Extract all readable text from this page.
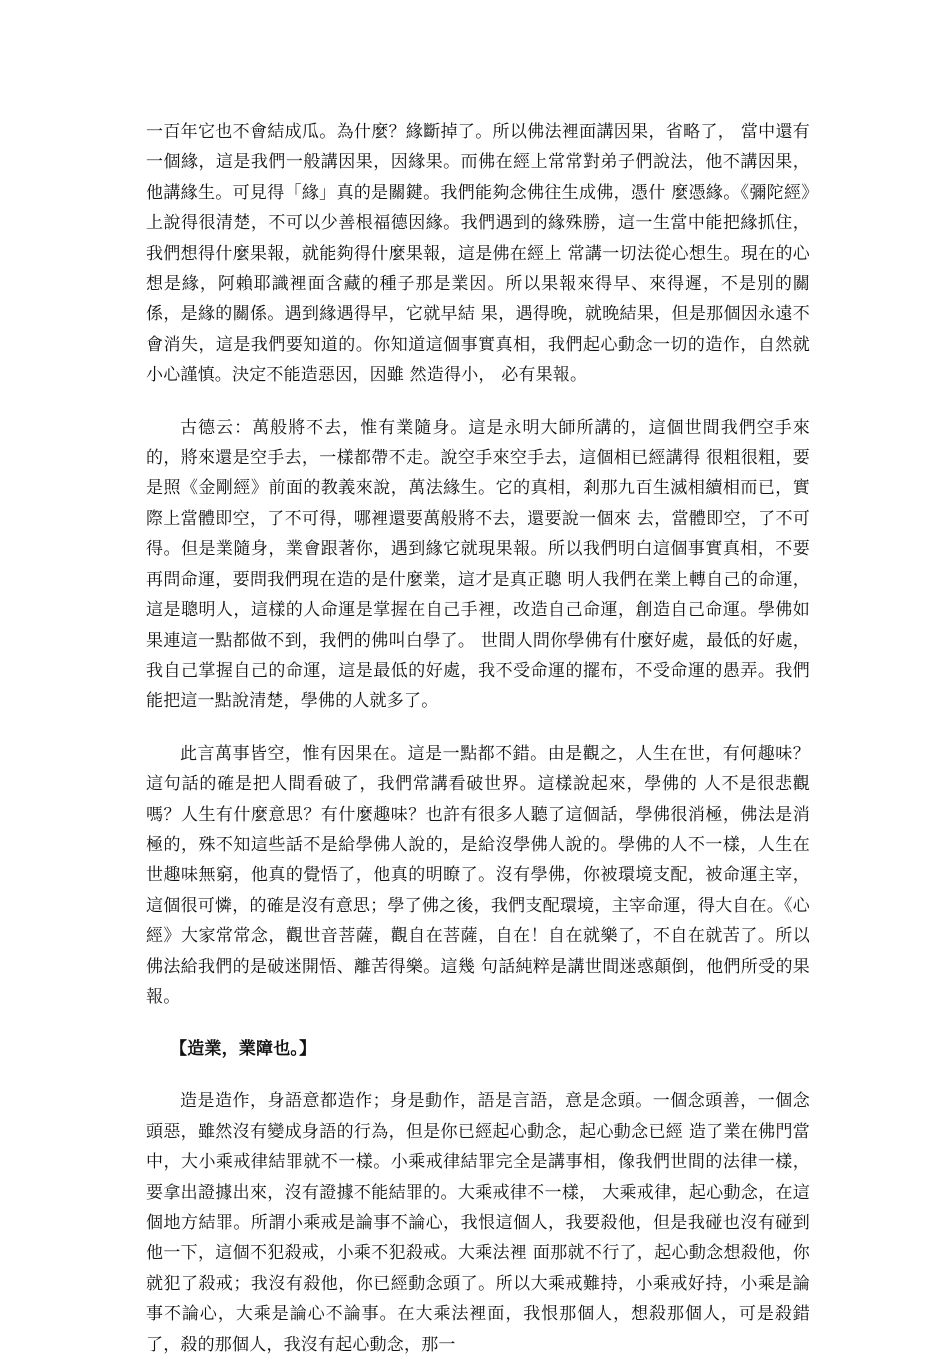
一百年它也不會結成瓜。為什麼？緣斷掉了。所以佛法裡面講因果，省略了， 當中還有一個緣，這是我們一般講因果，因緣果。而佛在經上常常對弟子們說法，他不講因果，他講緣生。可見得「緣」真的是關鍵。我們能夠念佛往生成佛，憑什 麼憑緣。《彌陀經》上說得很清楚，不可以少善根福德因緣。我們遇到的緣殊勝，這一生當中能把緣抓住，我們想得什麼果報，就能夠得什麼果報，這是佛在經上 常講一切法從心想生。現在的心想是緣，阿賴耶識裡面含藏的種子那是業因。所以果報來得早、來得遲，不是別的關係，是緣的關係。遇到緣遇得早，它就早結 果，遇得晚，就晚結果，但是那個因永遠不會消失，這是我們要知道的。你知道這個事實真相，我們起心動念一切的造作，自然就小心謹慎。決定不能造惡因，因雖 然造得小， 必有果報。

古德云：萬般將不去，惟有業隨身。這是永明大師所講的，這個世間我們空手來的，將來還是空手去，一樣都帶不走。說空手來空手去，這個相已經講得 很粗很粗，要是照《金剛經》前面的教義來說，萬法緣生。它的真相，剎那九百生滅相續相而已，實際上當體即空，了不可得，哪裡還要萬般將不去，還要說一個來 去，當體即空，了不可得。但是業隨身，業會跟著你，遇到緣它就現果報。所以我們明白這個事實真相，不要再問命運，要問我們現在造的是什麼業，這才是真正聰 明人我們在業上轉自己的命運，這是聰明人，這樣的人命運是掌握在自己手裡，改造自己命運，創造自己命運。學佛如果連這一點都做不到，我們的佛叫白學了。 世間人問你學佛有什麼好處，最低的好處，我自己掌握自己的命運，這是最低的好處，我不受命運的擺布，不受命運的愚弄。我們能把這一點說清楚，學佛的人就多了。

此言萬事皆空，惟有因果在。這是一點都不錯。由是觀之，人生在世，有何趣味？這句話的確是把人間看破了，我們常講看破世界。這樣說起來，學佛的 人不是很悲觀嗎？人生有什麼意思？有什麼趣味？也許有很多人聽了這個話，學佛很消極，佛法是消極的，殊不知這些話不是給學佛人說的，是給沒學佛人說的。學佛的人不一樣，人生在世趣味無窮，他真的覺悟了，他真的明瞭了。沒有學佛，你被環境支配，被命運主宰，這個很可憐，的確是沒有意思；學了佛之後，我們支配環境，主宰命運，得大自在。《心經》大家常常念，觀世音菩薩，觀自在菩薩，自在！自在就樂了，不自在就苦了。所以佛法給我們的是破迷開悟、離苦得樂。這幾 句話純粹是講世間迷惑顛倒，他們所受的果報。

【造業，業障也。】

造是造作，身語意都造作；身是動作，語是言語，意是念頭。一個念頭善，一個念頭惡，雖然沒有變成身語的行為，但是你已經起心動念，起心動念已經 造了業在佛門當中，大小乘戒律結罪就不一樣。小乘戒律結罪完全是講事相，像我們世間的法律一樣，要拿出證據出來，沒有證據不能結罪的。大乘戒律不一樣， 大乘戒律，起心動念，在這個地方結罪。所謂小乘戒是論事不論心，我恨這個人，我要殺他，但是我碰也沒有碰到他一下，這個不犯殺戒，小乘不犯殺戒。大乘法裡 面那就不行了，起心動念想殺他，你就犯了殺戒；我沒有殺他，你已經動念頭了。所以大乘戒難持，小乘戒好持，小乘是論事不論心，大乘是論心不論事。在大乘法裡面，我恨那個人，想殺那個人，可是殺錯了，殺的那個人，我沒有起心動念，那一
